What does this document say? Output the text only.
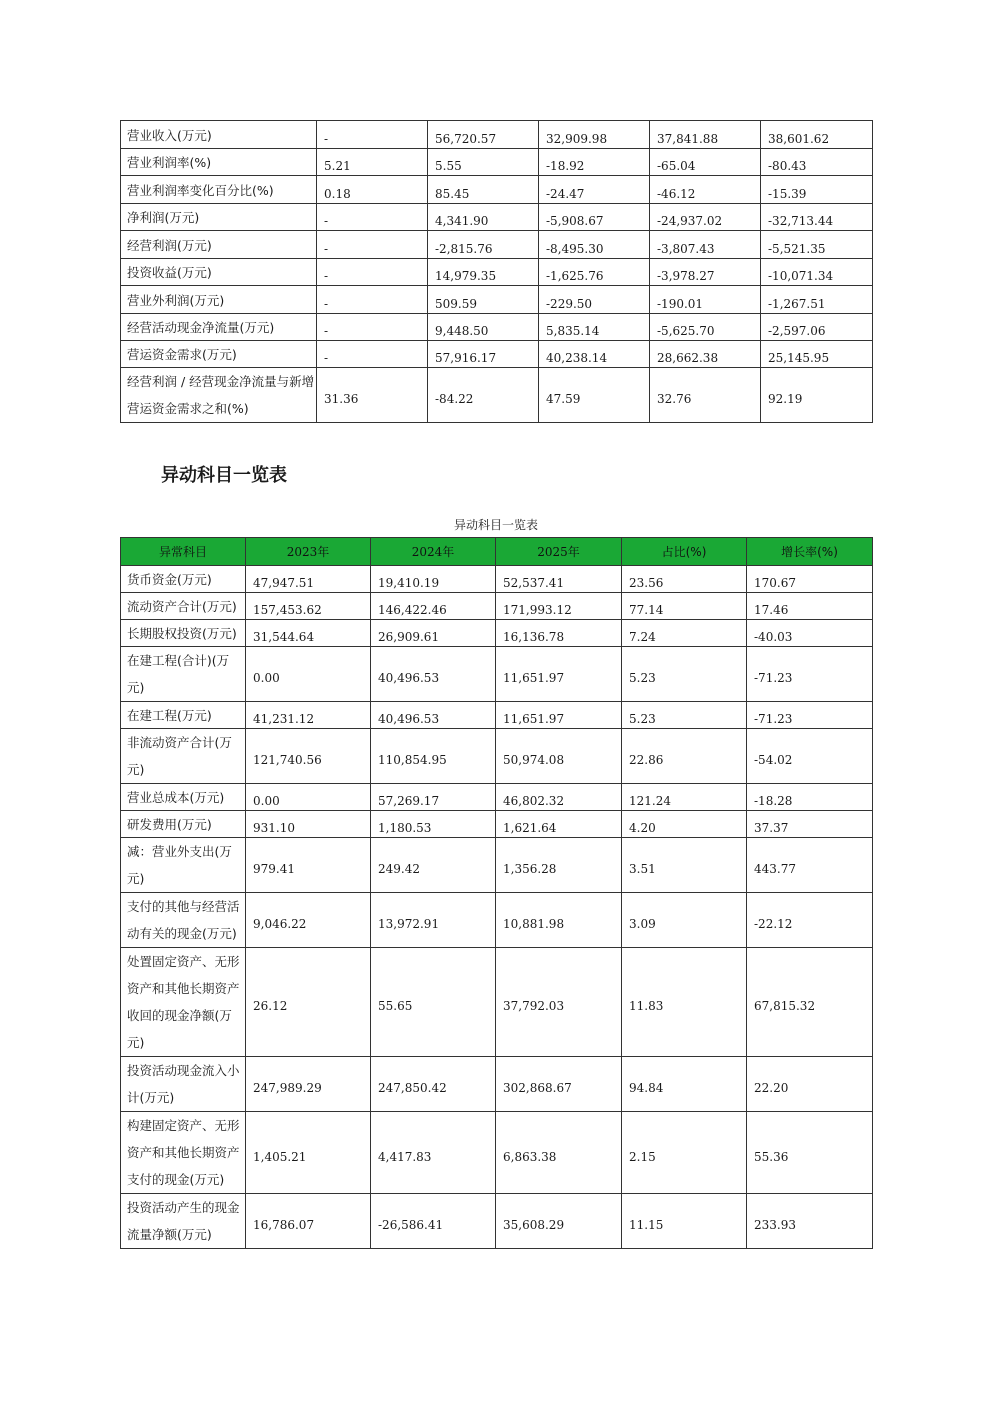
营业收入(万元)	-	56,720.57	32,909.98	37,841.88	38,601.62
营业利润率(%)	5.21	5.55	-18.92	-65.04	-80.43
营业利润率变化百分比(%)	0.18	85.45	-24.47	-46.12	-15.39
净利润(万元)	-	4,341.90	-5,908.67	-24,937.02	-32,713.44
经营利润(万元)	-	-2,815.76	-8,495.30	-3,807.43	-5,521.35
投资收益(万元)	-	14,979.35	-1,625.76	-3,978.27	-10,071.34
营业外利润(万元)	-	509.59	-229.50	-190.01	-1,267.51
经营活动现金净流量(万元)	-	9,448.50	5,835.14	-5,625.70	-2,597.06
营运资金需求(万元)	-	57,916.17	40,238.14	28,662.38	25,145.95
经营利润 / 经营现金净流量与新增营运资金需求之和(%)	31.36	-84.22	47.59	32.76	92.19
异动科目一览表
异动科目一览表
异常科目	2023年	2024年	2025年	占比(%)	增长率(%)
货币资金(万元)	47,947.51	19,410.19	52,537.41	23.56	170.67
流动资产合计(万元)	157,453.62	146,422.46	171,993.12	77.14	17.46
长期股权投资(万元)	31,544.64	26,909.61	16,136.78	7.24	-40.03
在建工程(合计)(万元)	0.00	40,496.53	11,651.97	5.23	-71.23
在建工程(万元)	41,231.12	40,496.53	11,651.97	5.23	-71.23
非流动资产合计(万元)	121,740.56	110,854.95	50,974.08	22.86	-54.02
营业总成本(万元)	0.00	57,269.17	46,802.32	121.24	-18.28
研发费用(万元)	931.10	1,180.53	1,621.64	4.20	37.37
减：营业外支出(万元)	979.41	249.42	1,356.28	3.51	443.77
支付的其他与经营活动有关的现金(万元)	9,046.22	13,972.91	10,881.98	3.09	-22.12
处置固定资产、无形资产和其他长期资产收回的现金净额(万元)	26.12	55.65	37,792.03	11.83	67,815.32
投资活动现金流入小计(万元)	247,989.29	247,850.42	302,868.67	94.84	22.20
构建固定资产、无形资产和其他长期资产支付的现金(万元)	1,405.21	4,417.83	6,863.38	2.15	55.36
投资活动产生的现金流量净额(万元)	16,786.07	-26,586.41	35,608.29	11.15	233.93
